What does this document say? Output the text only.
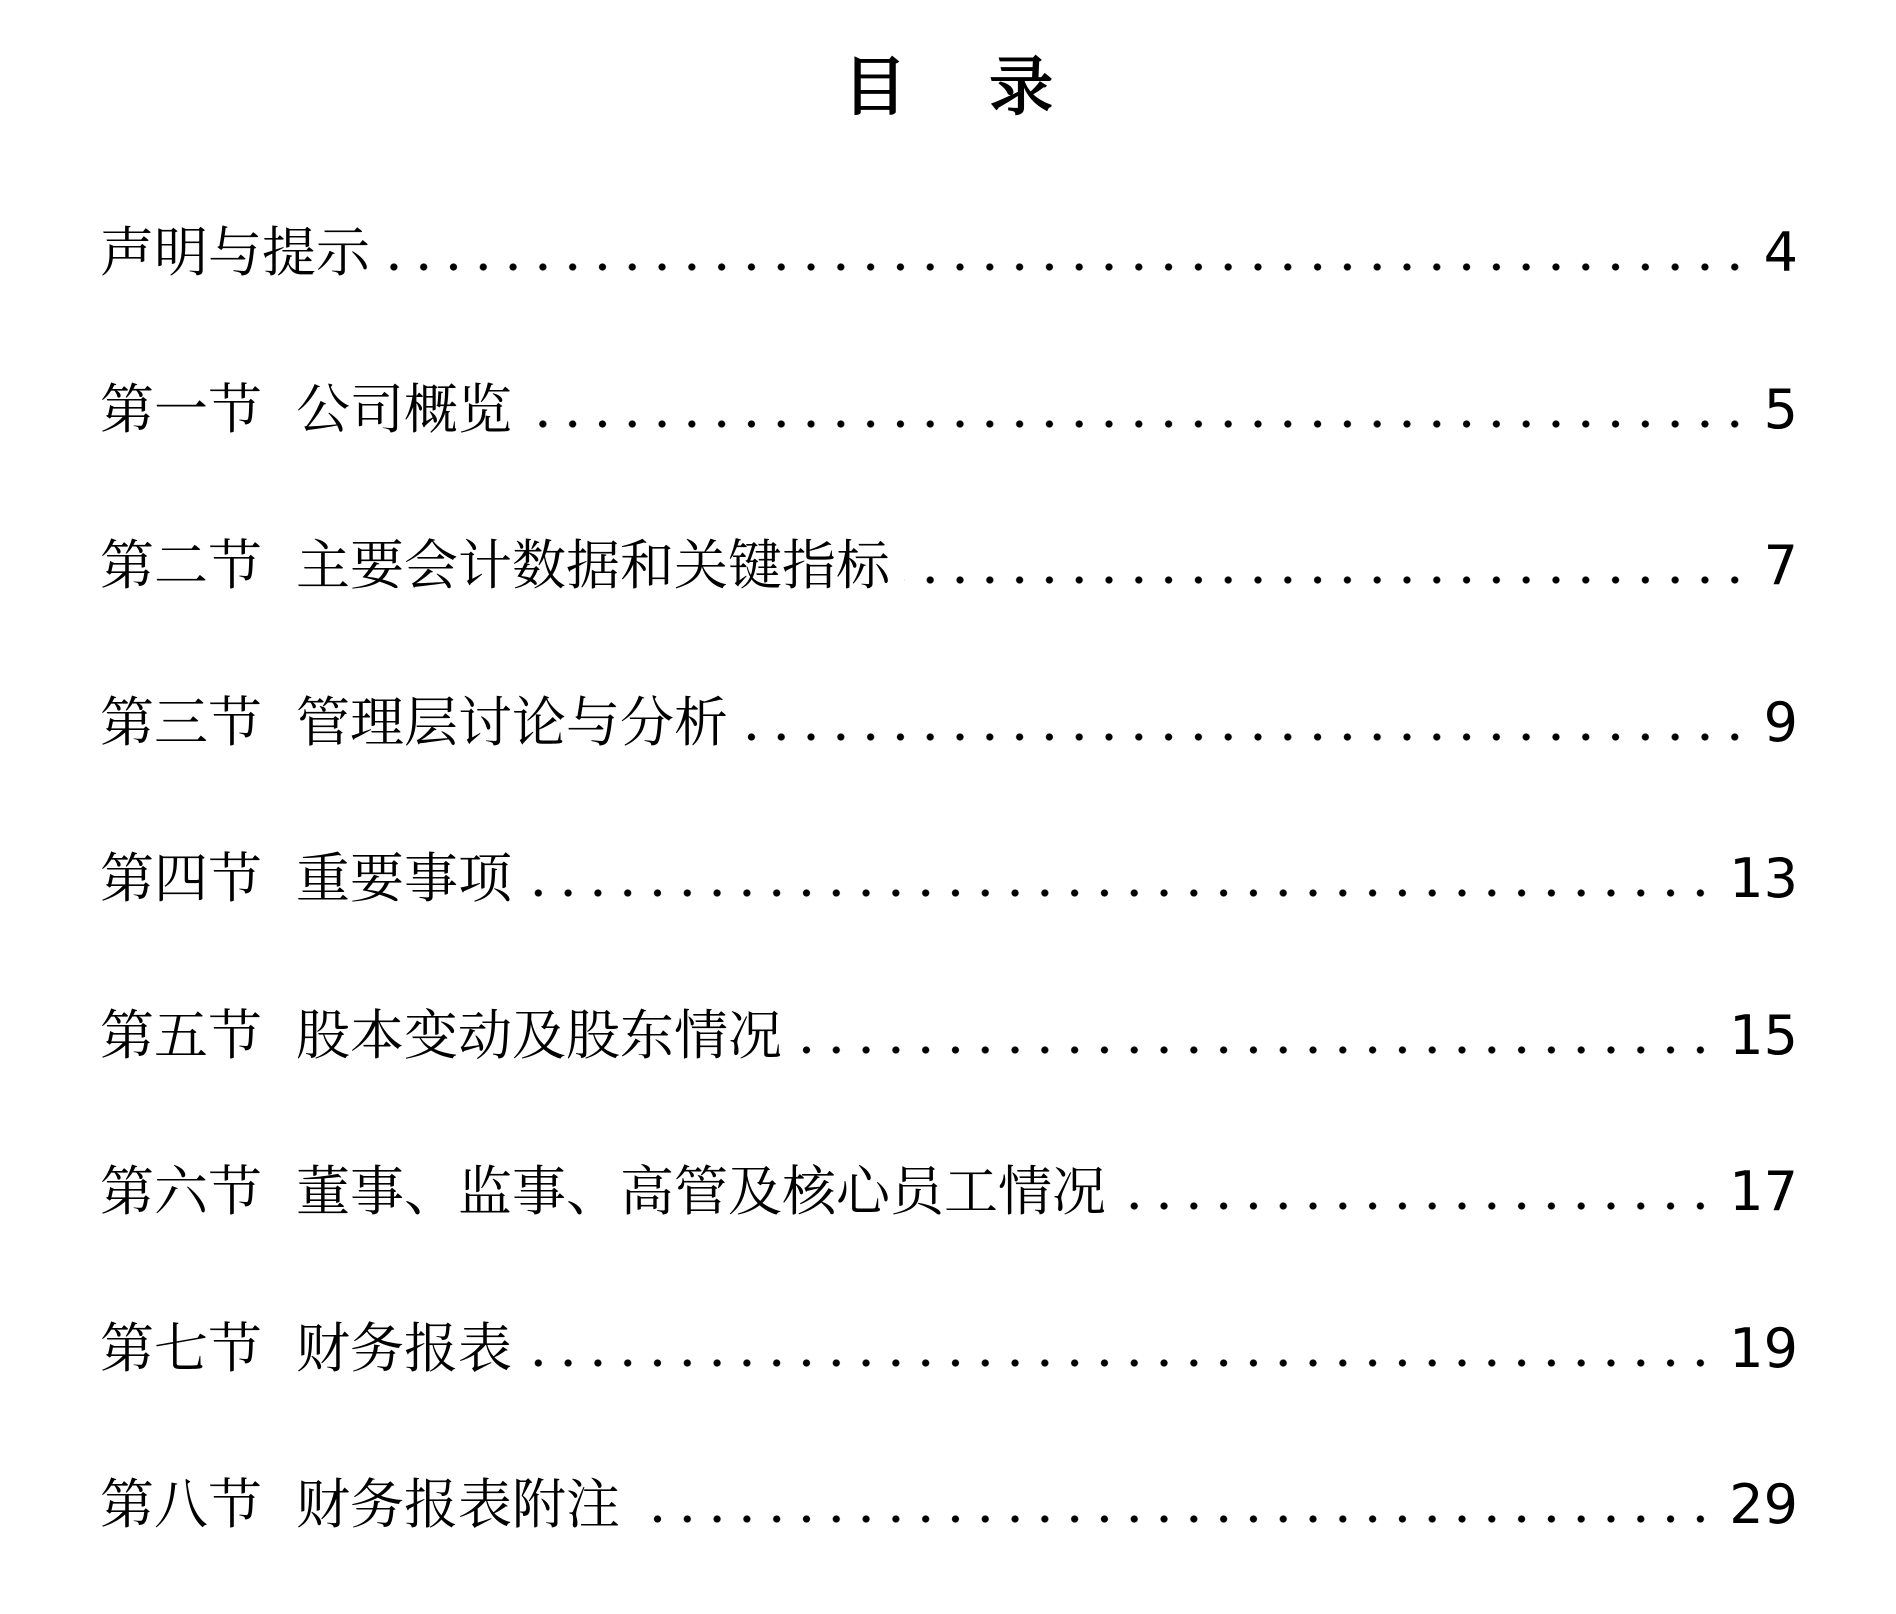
目 录
声明与提示	4
第一节 公司概览	5
第二节 主要会计数据和关键指标	7
第三节 管理层讨论与分析	9
第四节 重要事项	13
第五节 股本变动及股东情况	15
第六节 董事、监事、高管及核心员工情况	17
第七节 财务报表	19
第八节 财务报表附注	29
